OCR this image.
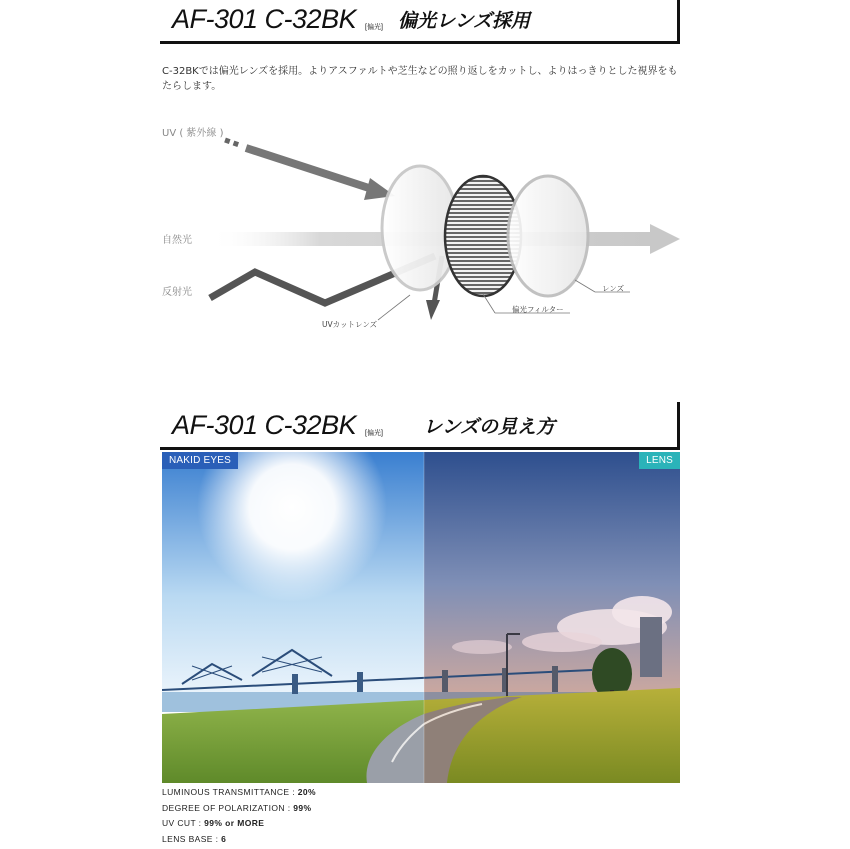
AF-301 C-32BK [偏光] 偏光レンズ採用

C-32BKでは偏光レンズを採用。よりアスファルトや芝生などの照り返しをカットし、よりはっきりとした視界をもたらします。

UV ( 紫外線 )
自然光
反射光
UVカットレンズ
偏光フィルター
レンズ
AF-301 C-32BK [偏光] レンズの見え方
NAKID EYES	LENS
LUMINOUS TRANSMITTANCE : 20%
DEGREE OF POLARIZATION : 99%
UV CUT : 99% or MORE
LENS BASE : 6
